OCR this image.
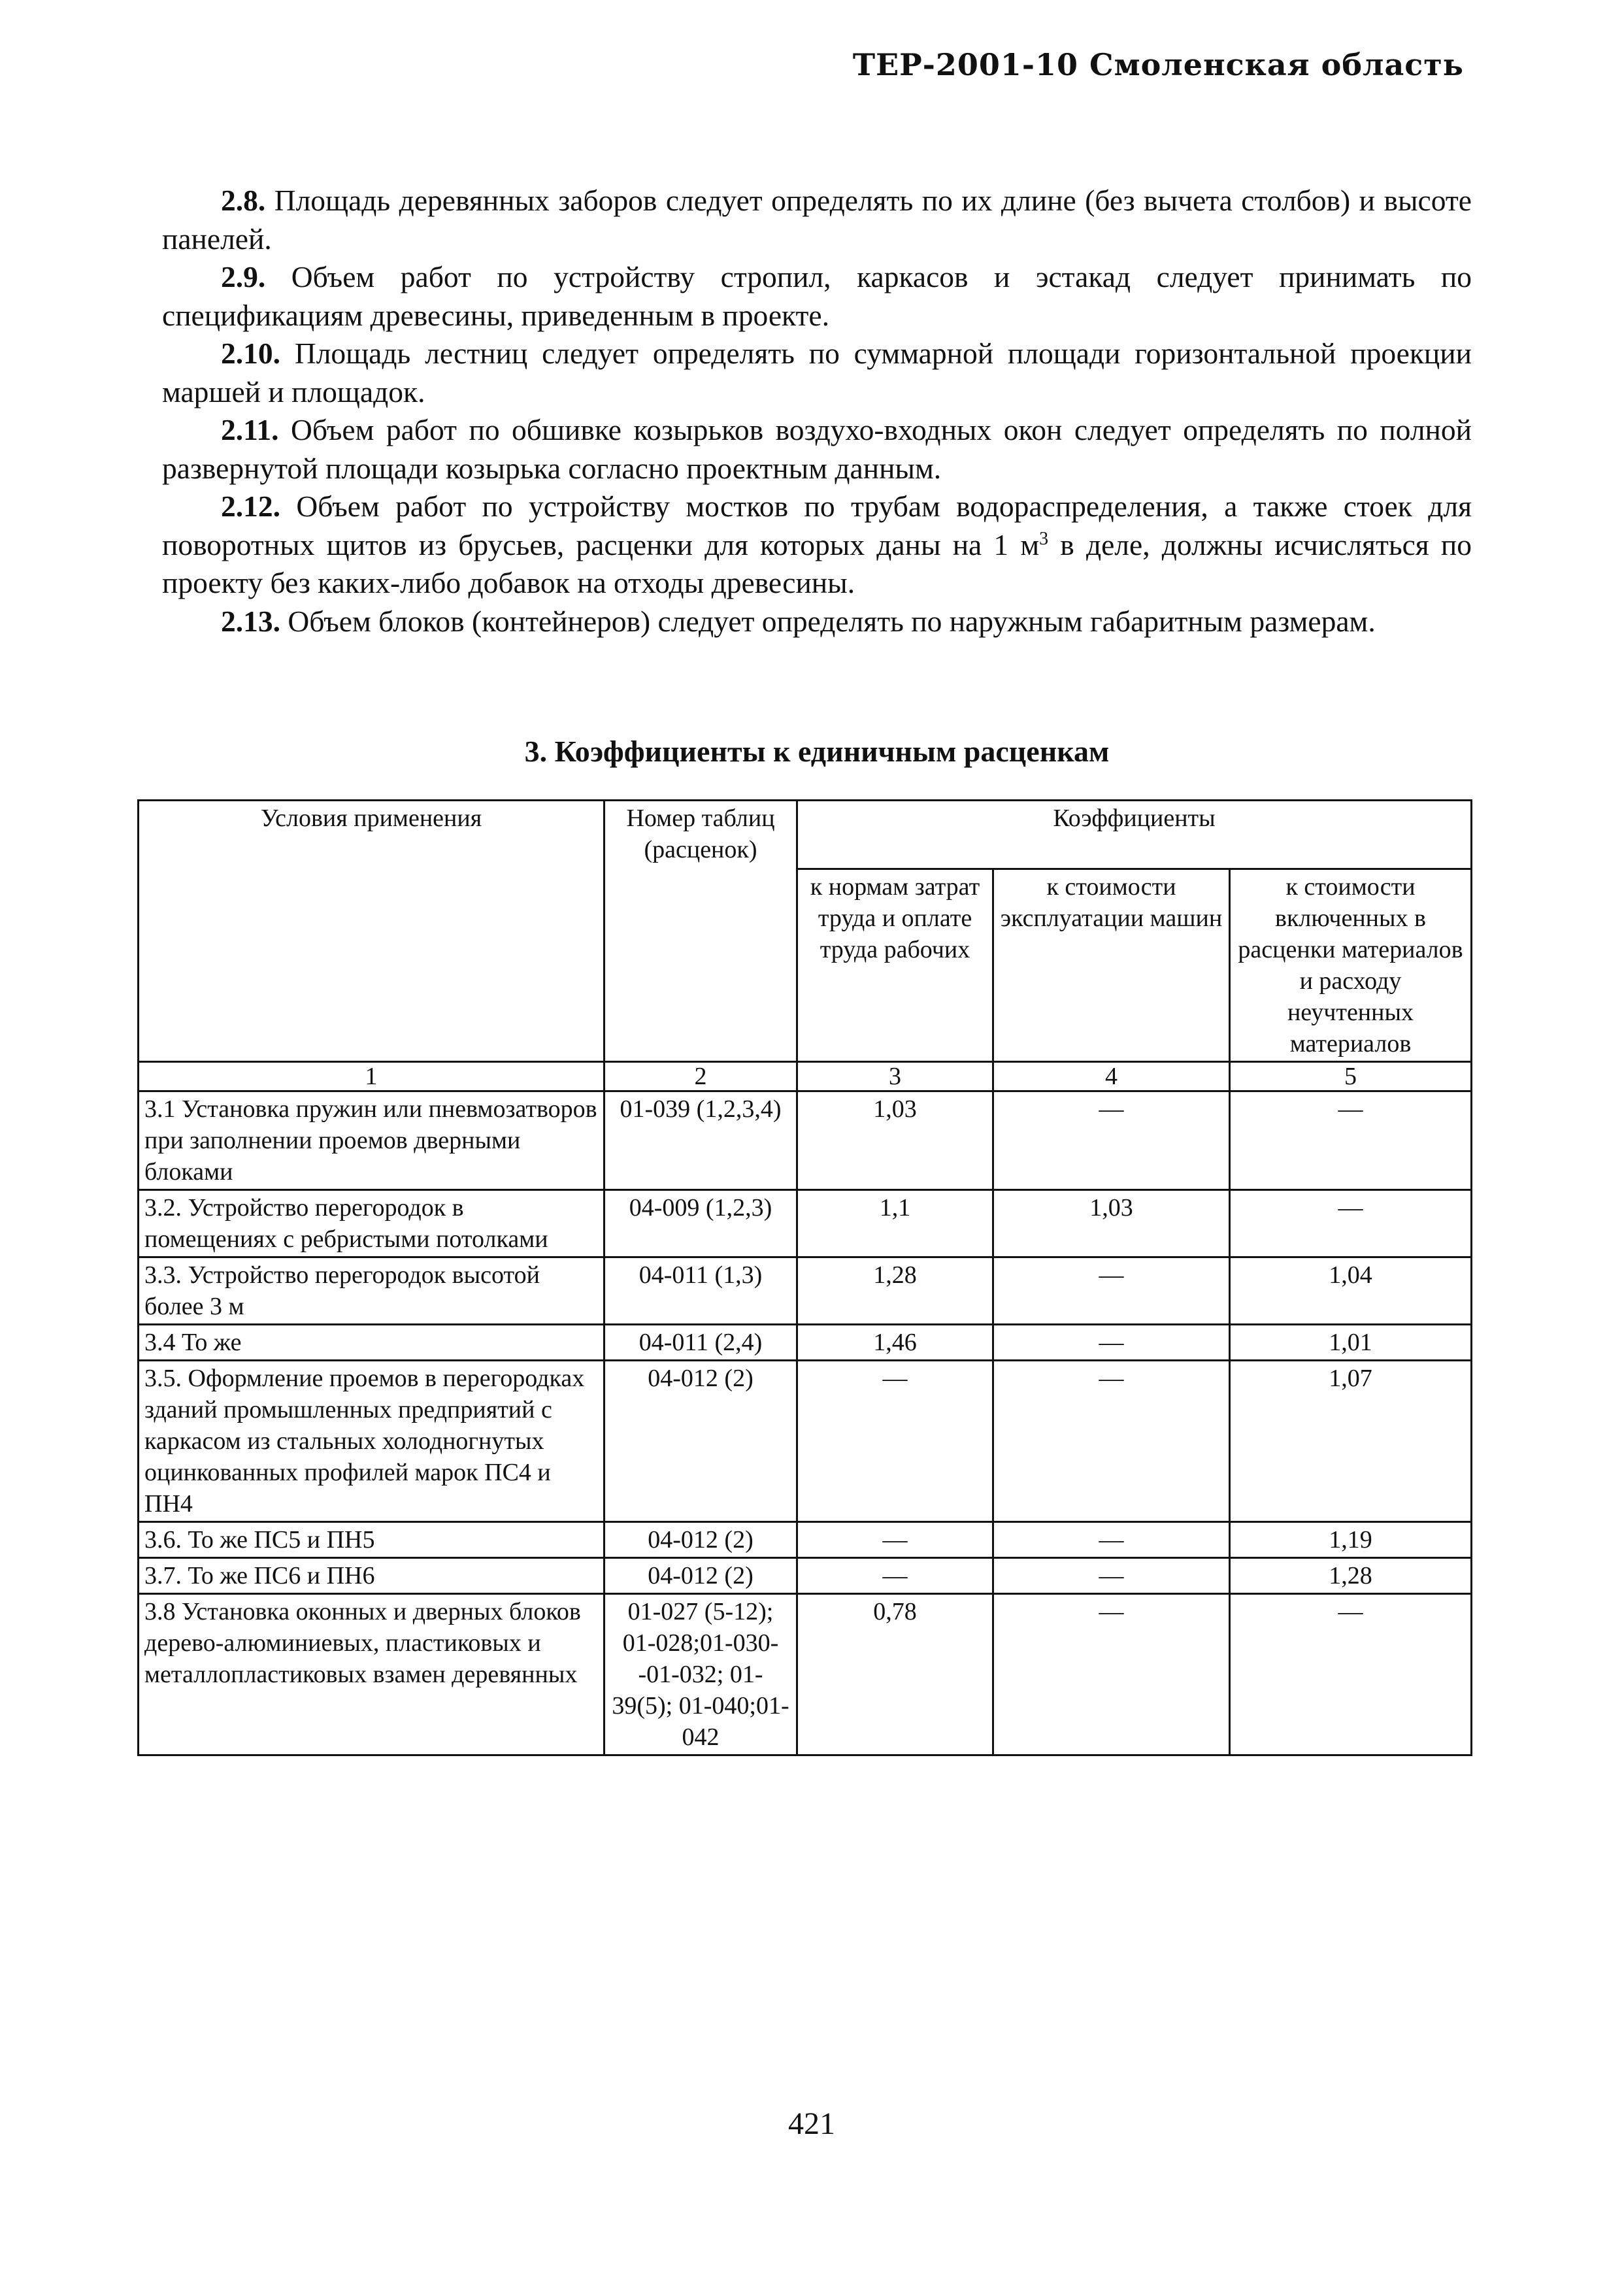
ТЕР-2001-10 Смоленская область

2.8. Площадь деревянных заборов следует определять по их длине (без вычета столбов) и высоте панелей.

2.9. Объем работ по устройству стропил, каркасов и эстакад следует принимать по спецификациям древесины, приведенным в проекте.

2.10. Площадь лестниц следует определять по суммарной площади горизонтальной проекции маршей и площадок.

2.11. Объем работ по обшивке козырьков воздухо-входных окон следует определять по полной развернутой площади козырька согласно проектным данным.

2.12. Объем работ по устройству мостков по трубам водораспределения, а также стоек для поворотных щитов из брусьев, расценки для которых даны на 1 $м^3$ в деле, должны исчисляться по проекту без каких-либо добавок на отходы древесины.

2.13. Объем блоков (контейнеров) следует определять по наружным габаритным размерам.

3. Коэффициенты к единичным расценкам
Условия применения	Номер таблиц (расценок)	Коэффициенты		
		к нормам затрат труда и оплате труда рабочих	к стоимости эксплуатации машин	к стоимости включенных в расценки материалов и расходу неучтенных материалов
1	2	3	4	5
3.1 Установка пружин или пневмозатворов при заполнении проемов дверными блоками	01-039 (1,2,3,4)	1,03	—	—
3.2. Устройство перегородок в помещениях с ребристыми потолками	04-009 (1,2,3)	1,1	1,03	—
3.3. Устройство перегородок высотой более 3 м	04-011 (1,3)	1,28	—	1,04
3.4 То же	04-011 (2,4)	1,46	—	1,01
3.5. Оформление проемов в перегородках зданий промышленных предприятий с каркасом из стальных холодногнутых оцинкованных профилей марок ПС4 и ПН4	04-012 (2)	—	—	1,07
3.6. То же ПС5 и ПН5	04-012 (2)	—	—	1,19
3.7. То же ПС6 и ПН6	04-012 (2)	—	—	1,28
3.8 Установка оконных и дверных блоков дерево-алюминиевых, пластиковых и металлопластиковых взамен деревянных	01-027 (5-12); 01-028;01-030--01-032; 01-39(5); 01-040;01-042	0,78	—	—
421
